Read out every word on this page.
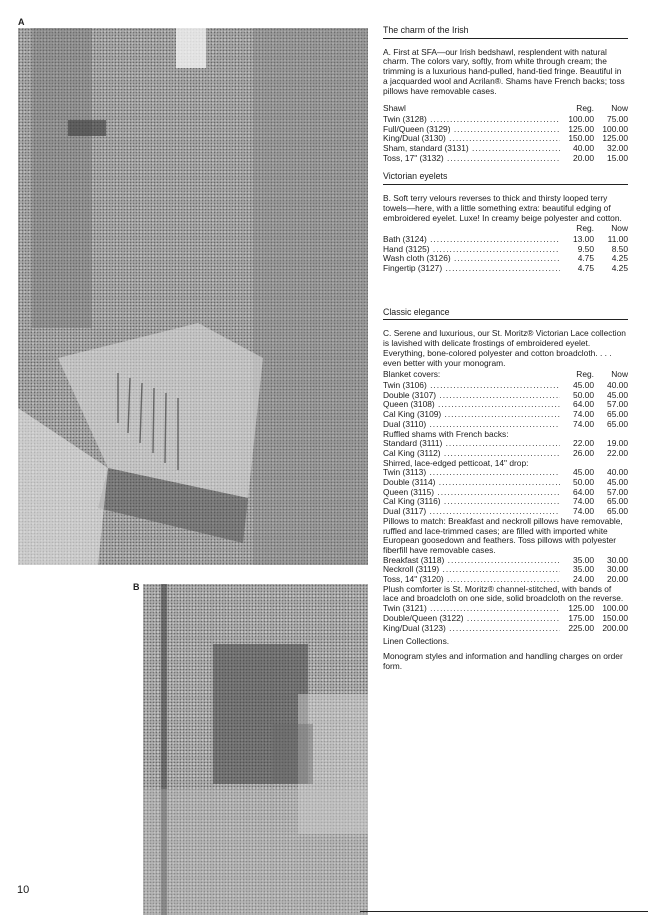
A
B
10
The charm of the Irish

A. First at SFA—our Irish bedshawl, resplendent with natural charm. The colors vary, softly, from white through cream; the trimming is a luxurious hand-pulled, hand-tied fringe. Beautiful in a jacquarded wool and Acrilan®. Shams have French backs; toss pillows have removable cases.

Shawl	Reg.	Now
Twin (3128) .....	100.00	75.00
Full/Queen (3129) .....	125.00 100.00
King/Dual (3130) .....	150.00 125.00
Sham, standard (3131) .....	40.00	32.00
Toss, 17" (3132) .....	20.00	15.00
Victorian eyelets

B. Soft terry velours reverses to thick and thirsty looped terry towels—here, with a little something extra: beautiful edging of embroidered eyelet. Luxe! In creamy beige polyester and cotton.

Reg.	Now
Bath (3124) .....	13.00	11.00
Hand (3125) .....	9.50	8.50
Wash cloth (3126) .....	4.75	4.25
Fingertip (3127) .....	4.75	4.25
Classic elegance

C. Serene and luxurious, our St. Moritz® Victorian Lace collection is lavished with delicate frostings of embroidered eyelet. Everything, bone-colored polyester and cotton broadcloth. . . . even better with your monogram.

Blanket covers:	Reg.	Now
Twin (3106) .....	45.00	40.00
Double (3107) .....	50.00	45.00
Queen (3108) .....	64.00	57.00
Cal King (3109) .....	74.00	65.00
Dual (3110) .....	74.00	65.00
Ruffled shams with French backs:
Standard (3111) .....	22.00	19.00
Cal King (3112) .....	26.00	22.00
Shirred, lace-edged petticoat, 14" drop:
Twin (3113) .....	45.00	40.00
Double (3114) .....	50.00	45.00
Queen (3115) .....	64.00	57.00
Cal King (3116) .....	74.00	65.00
Dual (3117) .....	74.00	65.00
Pillows to match: Breakfast and neckroll pillows have removable, ruffled and lace-trimmed cases; are filled with imported white European goosedown and feathers. Toss pillows with polyester fiberfill have removable cases.
Breakfast (3118) .....	35.00	30.00
Neckroll (3119) .....	35.00	30.00
Toss, 14" (3120) .....	24.00	20.00
Plush comforter is St. Moritz® channel-stitched, with bands of lace and broadcloth on one side, solid broadcloth on the reverse.
Twin (3121) .....	125.00 100.00
Double/Queen (3122) .....	175.00 150.00
King/Dual (3123) .....	225.00 200.00

Linen Collections.

Monogram styles and information and handling charges on order form.
